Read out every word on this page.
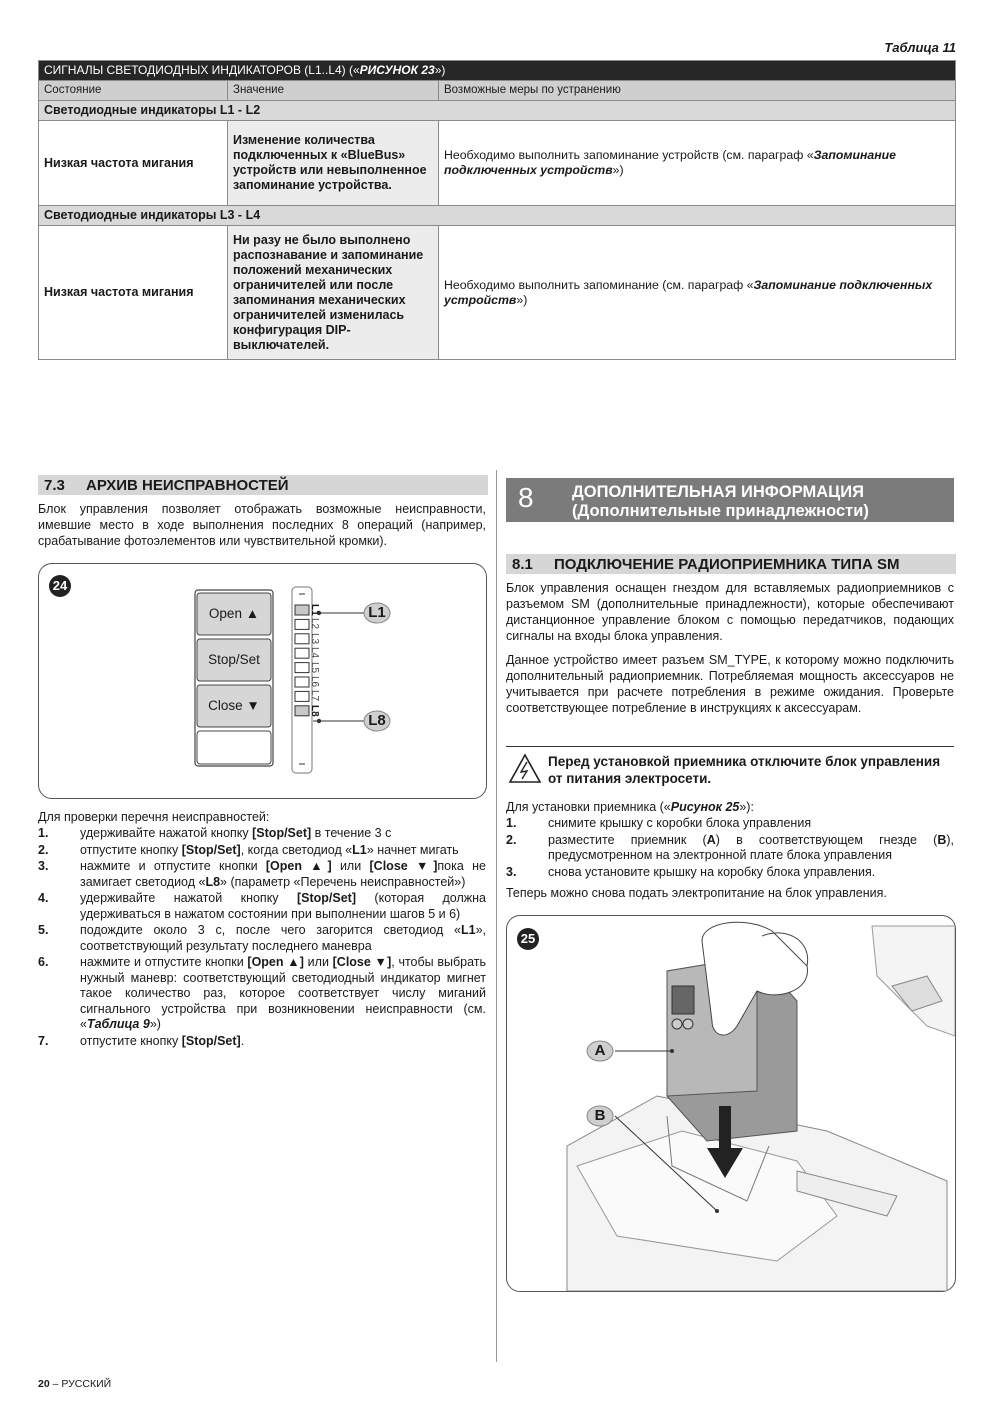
Таблица 11
СИГНАЛЫ СВЕТОДИОДНЫХ ИНДИКАТОРОВ (L1..L4) («РИСУНОК 23»)		
Состояние	Значение	Возможные меры по устранению
Светодиодные индикаторы L1 - L2		
Низкая частота мигания	Изменение количества подключенных к «BlueBus» устройств или невыполненное запоминание устройства.	Необходимо выполнить запоминание устройств (см. параграф «Запоминание подключенных устройств»)
Светодиодные индикаторы L3 - L4		
Низкая частота мигания	Ни разу не было выполнено распознавание и запоминание положений механических ограничителей или после запоминания механических ограничителей изменилась конфигурация DIP-выключателей.	Необходимо выполнить запоминание (см. параграф «Запоминание подключенных устройств»)
7.3 АРХИВ НЕИСПРАВНОСТЕЙ
Блок управления позволяет отображать возможные неисправности, имевшие место в ходе выполнения последних 8 операций (например, срабатывание фотоэлементов или чувствительной кромки).
24
Open ▲
Stop/Set
Close ▼
L1
L2
L3
L4
L5
L6
L7
L8
L1
L8
Для проверки перечня неисправностей:
1.	удерживайте нажатой кнопку [Stop/Set] в течение 3 с
2.	отпустите кнопку [Stop/Set], когда светодиод «L1» начнет мигать
3.	нажмите и отпустите кнопки [Open ▲] или [Close ▼]пока не замигает светодиод «L8» (параметр «Перечень неисправностей»)
4.	удерживайте нажатой кнопку [Stop/Set] (которая должна удерживаться в нажатом состоянии при выполнении шагов 5 и 6)
5.	подождите около 3 с, после чего загорится светодиод «L1», соответствующий результату последнего маневра
6.	нажмите и отпустите кнопки [Open ▲] или [Close ▼], чтобы выбрать нужный маневр: соответствующий светодиодный индикатор мигнет такое количество раз, которое соответствует числу миганий сигнального устройства при возникновении неисправности (см. «Таблица 9»)
7.	отпустите кнопку [Stop/Set].
8 ДОПОЛНИТЕЛЬНАЯ ИНФОРМАЦИЯ
(Дополнительные принадлежности)
8.1 ПОДКЛЮЧЕНИЕ РАДИОПРИЕМНИКА ТИПА SM
Блок управления оснащен гнездом для вставляемых радиоприемников с разъемом SM (дополнительные принадлежности), которые обеспечивают дистанционное управление блоком с помощью передатчиков, подающих сигналы на входы блока управления.
Данное устройство имеет разъем SM_TYPE, к которому можно подключить дополнительный радиоприемник. Потребляемая мощность аксессуаров не учитывается при расчете потребления в режиме ожидания. Проверьте соответствующее потребление в инструкциях к аксессуарам.
Перед установкой приемника отключите блок управления от питания электросети.
Для установки приемника («Рисунок 25»):
1.	снимите крышку с коробки блока управления
2.	разместите приемник (A) в соответствующем гнезде (B), предусмотренном на электронной плате блока управления
3.	снова установите крышку на коробку блока управления.
Теперь можно снова подать электропитание на блок управления.
25
A
B
20 – РУССКИЙ
